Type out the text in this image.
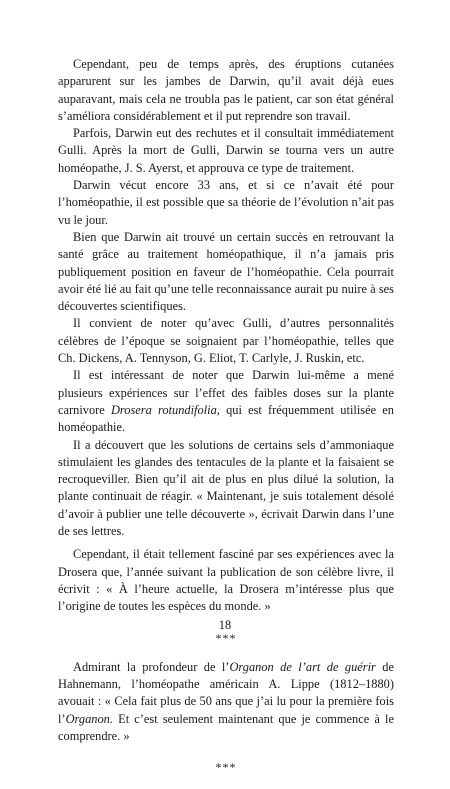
Cependant, peu de temps après, des éruptions cutanées apparurent sur les jambes de Darwin, qu’il avait déjà eues auparavant, mais cela ne troubla pas le patient, car son état général s’améliora considérablement et il put reprendre son travail.

Parfois, Darwin eut des rechutes et il consultait immédiatement Gulli. Après la mort de Gulli, Darwin se tourna vers un autre homéopathe, J. S. Ayerst, et approuva ce type de traitement.

Darwin vécut encore 33 ans, et si ce n’avait été pour l’homéopathie, il est possible que sa théorie de l’évolution n’ait pas vu le jour.

Bien que Darwin ait trouvé un certain succès en retrouvant la santé grâce au traitement homéopathique, il n’a jamais pris publiquement position en faveur de l’homéopathie. Cela pourrait avoir été lié au fait qu’une telle reconnaissance aurait pu nuire à ses découvertes scientifiques.

Il convient de noter qu’avec Gulli, d’autres personnalités célèbres de l’époque se soignaient par l’homéopathie, telles que Ch. Dickens, A. Tennyson, G. Eliot, T. Carlyle, J. Ruskin, etc.

Il est intéressant de noter que Darwin lui-même a mené plusieurs expériences sur l’effet des faibles doses sur la plante carnivore Drosera rotundifolia, qui est fréquemment utilisée en homéopathie.

Il a découvert que les solutions de certains sels d’ammoniaque stimulaient les glandes des tentacules de la plante et la faisaient se recroqueviller. Bien qu’il ait de plus en plus dilué la solution, la plante continuait de réagir. « Maintenant, je suis totalement désolé d’avoir à publier une telle découverte », écrivait Darwin dans l’une de ses lettres.

Cependant, il était tellement fasciné par ses expériences avec la Drosera que, l’année suivant la publication de son célèbre livre, il écrivit : « À l’heure actuelle, la Drosera m’intéresse plus que l’origine de toutes les espèces du monde. »

***

Admirant la profondeur de l’Organon de l’art de guérir de Hahnemann, l’homéopathe américain A. Lippe (1812–1880) avouait : « Cela fait plus de 50 ans que j’ai lu pour la première fois l’Organon. Et c’est seulement maintenant que je commence à le comprendre. »

***
18
